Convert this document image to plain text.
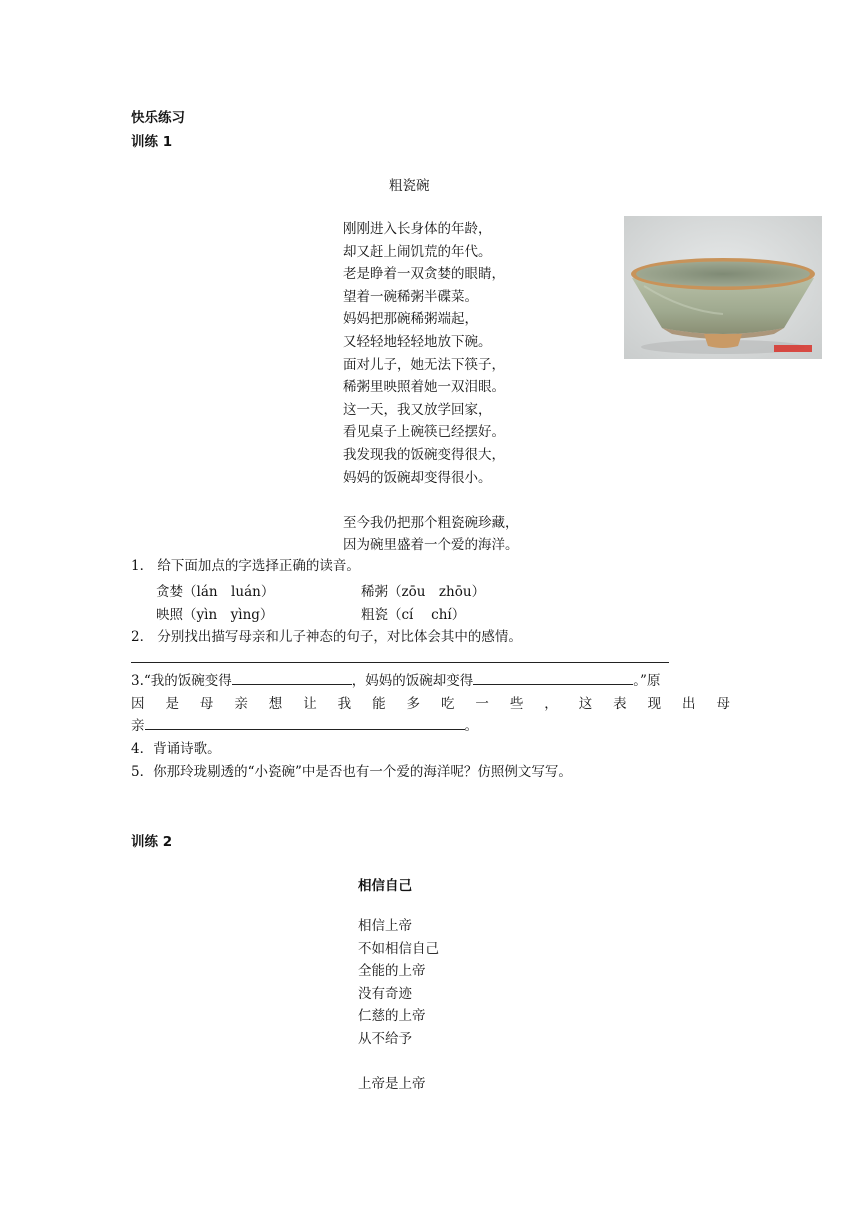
快乐练习
训练 1
粗瓷碗
刚刚进入长身体的年龄，
却又赶上闹饥荒的年代。
老是睁着一双贪婪的眼睛，
望着一碗稀粥半碟菜。
妈妈把那碗稀粥端起，
又轻轻地轻轻地放下碗。
面对儿子，她无法下筷子，
稀粥里映照着她一双泪眼。
这一天，我又放学回家，
看见桌子上碗筷已经摆好。
我发现我的饭碗变得很大，
妈妈的饭碗却变得很小。
至今我仍把那个粗瓷碗珍藏，
因为碗里盛着一个爱的海洋。
1． 给下面加点的字选择正确的读音。
贪婪（lán　luán）	稀粥（zōu　zhōu）
映照（yìn　yìng）	粗瓷（cí　 chí）
2． 分别找出描写母亲和儿子神态的句子，对比体会其中的感情。
3.“我的饭碗变得	，妈妈的饭碗却变得	。”原
因 是 母 亲 想 让 我 能 多 吃 一 些 ， 这 表 现 出 母
亲	。
4．背诵诗歌。
5．你那玲珑剔透的“小瓷碗”中是否也有一个爱的海洋呢？仿照例文写写。
训练 2
相信自己
相信上帝
不如相信自己
全能的上帝
没有奇迹
仁慈的上帝
从不给予
上帝是上帝
